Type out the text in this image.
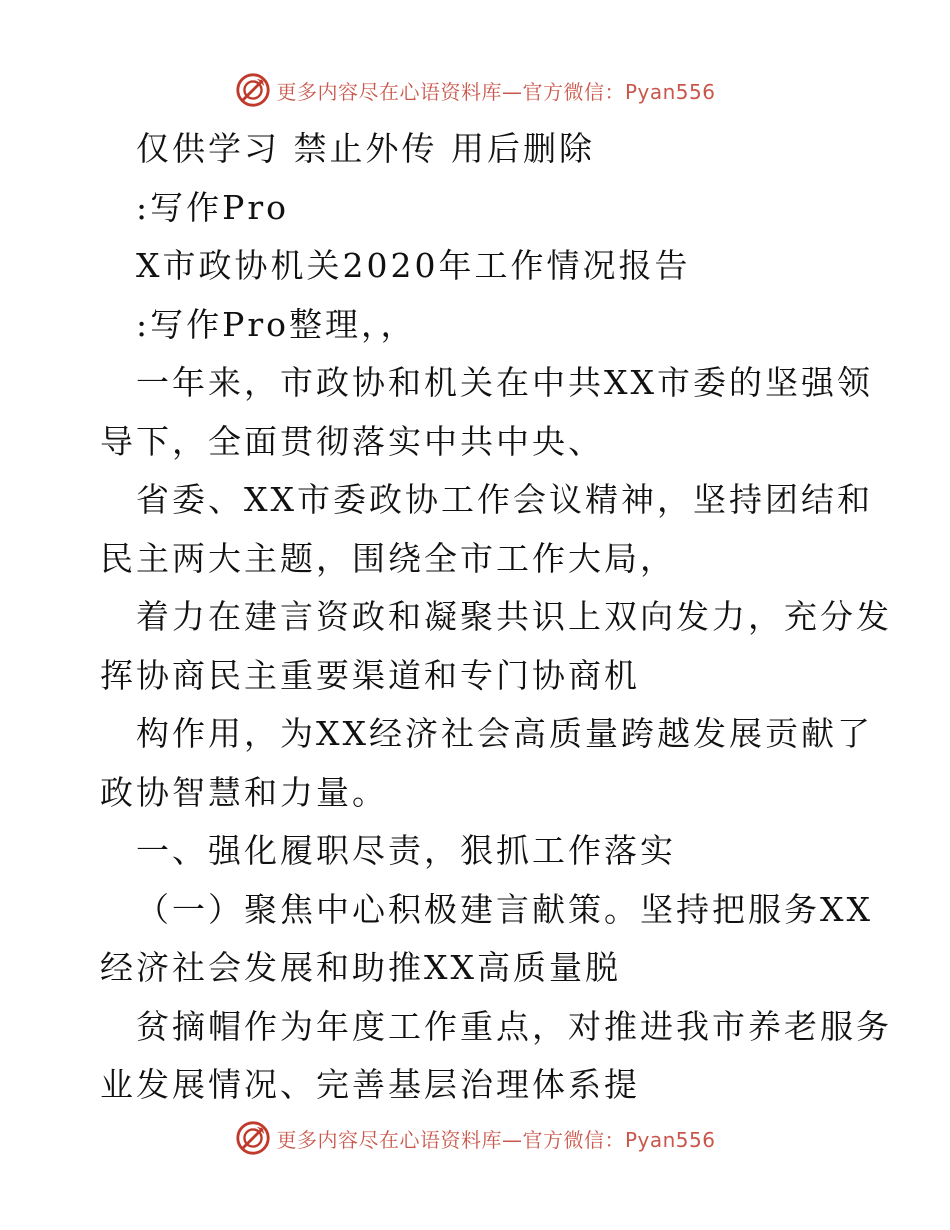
更多内容尽在心语资料库—官方微信：Pyan556
仅供学习 禁止外传 用后删除
:写作Pro
X市政协机关2020年工作情况报告
:写作Pro整理，，
一年来，市政协和机关在中共XX市委的坚强领
导下，全面贯彻落实中共中央、
省委、XX市委政协工作会议精神，坚持团结和
民主两大主题，围绕全市工作大局，
着力在建言资政和凝聚共识上双向发力，充分发
挥协商民主重要渠道和专门协商机
构作用，为XX经济社会高质量跨越发展贡献了
政协智慧和力量。
一、强化履职尽责，狠抓工作落实
（一）聚焦中心积极建言献策。坚持把服务XX
经济社会发展和助推XX高质量脱
贫摘帽作为年度工作重点，对推进我市养老服务
业发展情况、完善基层治理体系提
更多内容尽在心语资料库—官方微信：Pyan556
